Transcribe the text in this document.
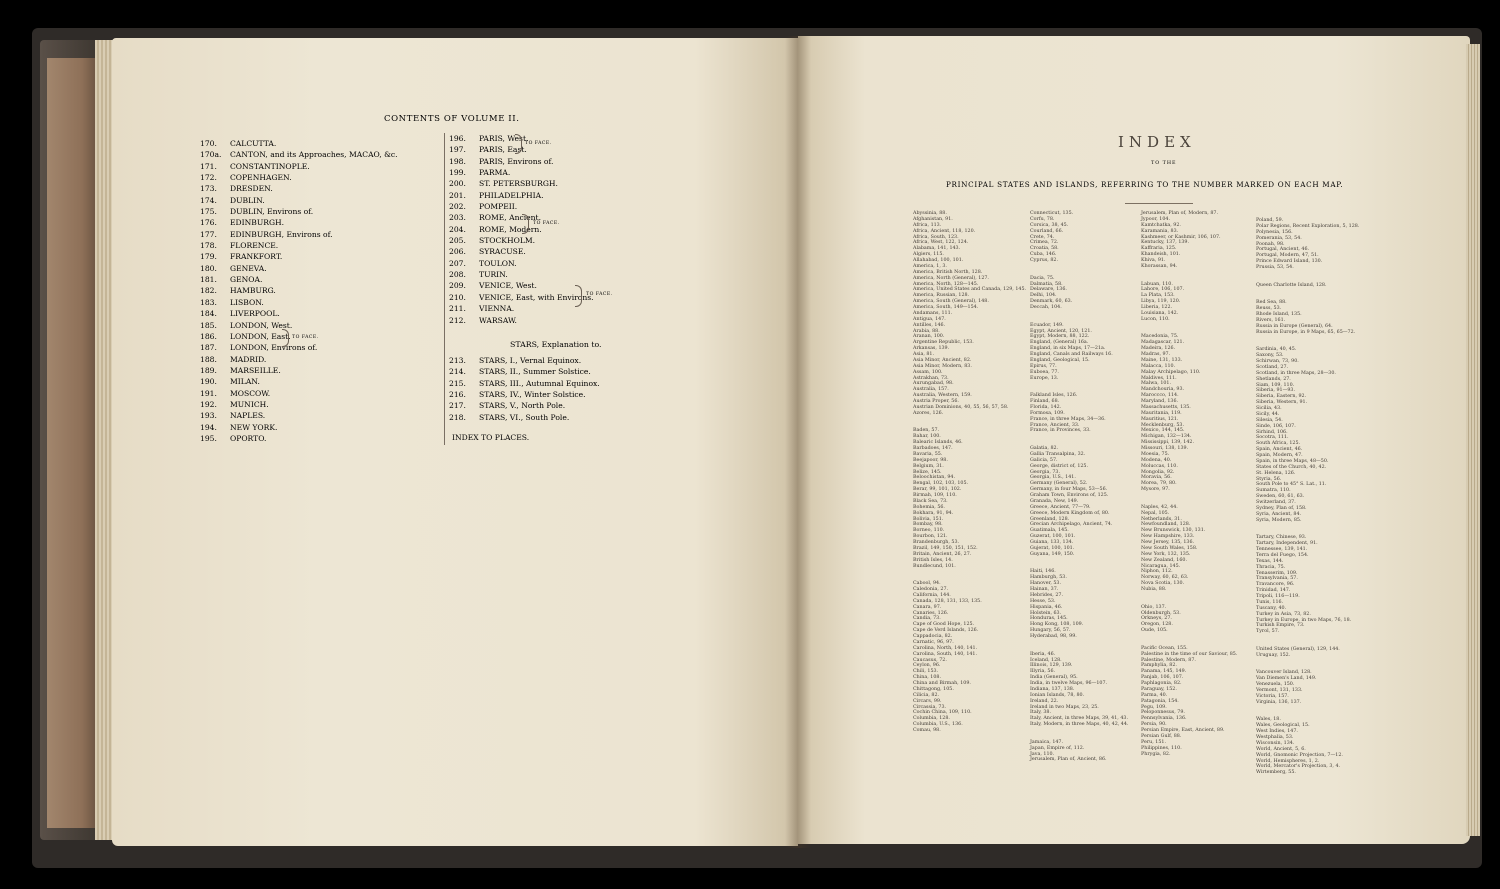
CONTENTS OF VOLUME II.
170. CALCUTTA.
170a. CANTON, and its Approaches, MACAO, &c.
171. CONSTANTINOPLE.
172. COPENHAGEN.
173. DRESDEN.
174. DUBLIN.
175. DUBLIN, Environs of.
176. EDINBURGH.
177. EDINBURGH, Environs of.
178. FLORENCE.
179. FRANKFORT.
180. GENEVA.
181. GENOA.
182. HAMBURG.
183. LISBON.
184. LIVERPOOL.
185. LONDON, West.
186. LONDON, East.
187. LONDON, Environs of.
188. MADRID.
189. MARSEILLE.
190. MILAN.
191. MOSCOW.
192. MUNICH.
193. NAPLES.
194. NEW YORK.
195. OPORTO.
196. PARIS, West.
197. PARIS, East.
198. PARIS, Environs of.
199. PARMA.
200. ST. PETERSBURGH.
201. PHILADELPHIA.
202. POMPEII.
203. ROME, Ancient.
204. ROME, Modern.
205. STOCKHOLM.
206. SYRACUSE.
207. TOULON.
208. TURIN.
209. VENICE, West.
210. VENICE, East, with Environs.
211. VIENNA.
212. WARSAW.
TO FACE.
TO FACE.
TO FACE.
TO FACE.
STARS, Explanation to.
213. STARS, I., Vernal Equinox.
214. STARS, II., Summer Solstice.
215. STARS, III., Autumnal Equinox.
216. STARS, IV., Winter Solstice.
217. STARS, V., North Pole.
218. STARS, VI., South Pole.
INDEX TO PLACES.
INDEX
TO THE
PRINCIPAL STATES AND ISLANDS, REFERRING TO THE NUMBER MARKED ON EACH MAP.
Abyssinia, 88.
Afghanistan, 91.
Africa, 113.
Africa, Ancient, 118, 120.
Africa, South, 123.
Africa, West, 122, 124.
Alabama, 141, 143.
Algiers, 115.
Allahabad, 100, 101.
America, 1, 3.
America, British North, 128.
America, North (General), 127.
America, North, 128—145.
America, United States and Canada, 129, 145.
America, Russian, 128.
America, South (General), 148.
America, South, 149—154.
Andamans, 111.
Antigua, 147.
Antilles, 146.
Arabia, 88.
Aranan, 100.
Argentine Republic, 153.
Arkansas, 139.
Asia, 81.
Asia Minor, Ancient, 82.
Asia Minor, Modern, 83.
Assam, 100.
Astrakhan, 73.
Aurungabad, 98.
Australia, 157.
Australia, Western, 159.
Austria Proper, 56.
Austrian Dominions, 40, 55, 56, 57, 58.
Azores, 126.
Baden, 57.
Bahar, 100.
Balearic Islands, 46.
Barbadoes, 147.
Bavaria, 55.
Beejapoor, 98.
Belgium, 31.
Belize, 145.
Beloochistan, 94.
Bengal, 102, 103, 105.
Berar, 99, 101, 102.
Birmah, 109, 110.
Black Sea, 73.
Bohemia, 56.
Bokhara, 91, 94.
Bolivia, 151.
Bombay, 98.
Borneo, 110.
Bourbon, 121.
Brandenburgh, 53.
Brazil, 149, 150, 151, 152.
Britain, Ancient, 26, 27.
British Isles, 14.
Bundlecund, 101.
Cabool, 94.
Caledonia, 27.
California, 144.
Canada, 128, 131, 133, 135.
Canara, 97.
Canaries, 126.
Candia, 73.
Cape of Good Hope, 125.
Cape de Verd Islands, 126.
Cappadocia, 82.
Carnatic, 96, 97.
Carolina, North, 140, 141.
Carolina, South, 140, 141.
Caucasus, 72.
Ceylon, 96.
Chili, 153.
China, 108.
China and Birmah, 109.
Chittagong, 105.
Cilicia, 82.
Circars, 99.
Circassia, 73.
Cochin China, 109, 110.
Columbia, 128.
Columbia, U.S., 136.
Comau, 98.
Connecticut, 135.
Corfu, 78.
Corsica, 38, 45.
Courland, 66.
Crete, 74.
Crimea, 72.
Croatia, 58.
Cuba, 146.
Cyprus, 82.
Dacia, 75.
Dalmatia, 58.
Delaware, 136.
Delhi, 104.
Denmark, 60, 63.
Deccah, 104.
Ecuador, 149.
Egypt, Ancient, 120, 121.
Egypt, Modern, 88, 122.
England, (General) 16a.
England, in six Maps, 17—21a.
England, Canals and Railways 16.
England, Geological, 15.
Epirus, 77.
Euboea, 77.
Europe, 13.
Falkland Isles, 126.
Finland, 68.
Florida, 142.
Formosa, 109.
France, in three Maps, 34—36.
France, Ancient, 33.
France, in Provinces, 33.
Galatia, 82.
Gallia Transalpina, 32.
Galicia, 57.
George, district of, 125.
Georgia, 73.
Georgia, U.S., 141.
Germany (General), 52.
Germany, in four Maps, 53—56.
Graham Town, Environs of, 125.
Granada, New, 149.
Greece, Ancient, 77—79.
Greece, Modern Kingdom of, 80.
Greenland, 128.
Grecian Archipelago, Ancient, 74.
Guatimala, 145.
Guzerat, 100, 101.
Guiana, 133, 134.
Gujerat, 100, 101.
Guyana, 149, 150.
Haiti, 146.
Hamburgh, 53.
Hanover, 53.
Hainan, 37.
Hebrides, 27.
Hesse, 53.
Hispania, 46.
Holstein, 63.
Honduras, 145.
Hong Kong, 108, 109.
Hungary, 56, 57.
Hyderabad, 98, 99.
Iberia, 46.
Iceland, 128.
Illinois, 129, 139.
Illyria, 56.
India (General), 95.
India, in twelve Maps, 96—107.
Indiana, 137, 138.
Ionian Islands, 78, 80.
Ireland, 22.
Ireland in two Maps, 23, 25.
Italy, 38.
Italy, Ancient, in three Maps, 39, 41, 43.
Italy, Modern, in three Maps, 40, 42, 44.
Jamaica, 147.
Japan, Empire of, 112.
Java, 110.
Jerusalem, Plan of, Ancient, 86.
Jerusalem, Plan of, Modern, 87.
Jypoor, 104.
Kamtchatka, 92.
Karamania, 83.
Kashmeer, or Kashmir, 106, 107.
Kentucky, 137, 139.
Kaffraria, 125.
Khandeish, 101.
Khiva, 91.
Khorassan, 94.
Labuan, 110.
Lahore, 106, 107.
La Plata, 153.
Libya, 119, 120.
Liberia, 122.
Louisiana, 142.
Lucon, 110.
Macedonia, 75.
Madagascar, 121.
Madeira, 126.
Madras, 97.
Maine, 131, 133.
Malacca, 110.
Malay Archipelago, 110.
Maldives, 111.
Malwa, 101.
Mandchouria, 93.
Maroccco, 114.
Maryland, 136.
Massachusetts, 135.
Mauritania, 119.
Mauritius, 121.
Mecklenburg, 53.
Mexico, 144, 145.
Michigan, 132—134.
Mississippi, 139, 142.
Missouri, 138, 139.
Moesia, 75.
Modena, 40.
Moluccas, 110.
Mongolia, 92.
Moravia, 56.
Morea, 79, 80.
Mysore, 97.
Naples, 42, 44.
Nepal, 105.
Netherlands, 31.
Newfoundland, 128.
New Brunswick, 130, 131.
New Hampshire, 133.
New Jersey, 135, 136.
New South Wales, 158.
New York, 132, 135.
New Zealand, 160.
Nicaragua, 145.
Niphon, 112.
Norway, 60, 62, 63.
Nova Scotia, 130.
Nubia, 88.
Ohio, 137.
Oldenburgh, 53.
Orkneys, 27.
Oregon, 128.
Oude, 105.
Pacific Ocean, 155.
Palestine in the time of our Saviour, 85.
Palestine, Modern, 87.
Pamphylia, 82.
Panama, 145, 149.
Panjab, 106, 107.
Paphlagonia, 82.
Paraguay, 152.
Parma, 40.
Patagonia, 154.
Pegu, 109.
Peloponnesus, 79.
Pennsylvania, 136.
Persia, 90.
Persian Empire, East, Ancient, 89.
Persian Gulf, 88.
Peru, 151.
Philippines, 110.
Phrygia, 82.
Poland, 59.
Polar Regions, Recent Exploration, 5, 128.
Polynesia, 156.
Pomerania, 53, 54.
Poonah, 98.
Portugal, Ancient, 46.
Portugal, Modern, 47, 51.
Prince Edward Island, 130.
Prussia, 53, 54.
Queen Charlotte Island, 128.
Red Sea, 88.
Reuss, 53.
Rhode Island, 135.
Rivers, 161.
Russia in Europe (General), 64.
Russia in Europe, in 9 Maps, 65, 65—72.
Sardinia, 40, 45.
Saxony, 53.
Schirwan, 73, 90.
Scotland, 27.
Scotland, in three Maps, 28—30.
Shetlands, 27.
Siam, 109, 110.
Siberia, 91—93.
Siberia, Eastern, 92.
Siberia, Western, 91.
Sicilia, 43.
Sicily, 44.
Silesia, 54.
Sinde, 106, 107.
Sirhind, 106.
Socotra, 111.
South Africa, 125.
Spain, Ancient, 46.
Spain, Modern, 47.
Spain, in three Maps, 48—50.
States of the Church, 40, 42.
St. Helena, 126.
Styria, 56.
South Pole to 45° S. Lat., 11.
Sumatra, 110.
Sweden, 60, 61, 63.
Switzerland, 37.
Sydney, Plan of, 158.
Syria, Ancient, 84.
Syria, Modern, 85.
Tartary, Chinese, 93.
Tartary, Independent, 91.
Tennessee, 139, 141.
Terra del Fuego, 154.
Texas, 144.
Thracia, 75.
Tenasserim, 109.
Transylvania, 57.
Travancore, 96.
Trinidad, 147.
Tripoli, 116—119.
Tunis, 116.
Tuscany, 40.
Turkey in Asia, 73, 82.
Turkey in Europe, in two Maps, 76, 18.
Turkish Empire, 73.
Tyrol, 57.
United States (General), 129, 144.
Uruguay, 152.
Vancouver Island, 128.
Van Diemen's Land, 149.
Venezuela, 150.
Vermont, 131, 133.
Victoria, 157.
Virginia, 136, 137.
Wales, 18.
Wales, Geological, 15.
West Indies, 147.
Westphalia, 53.
Wisconsin, 134.
World, Ancient, 5, 6.
World, Gnomonic Projection, 7—12.
World, Hemispheres, 1, 2.
World, Mercator's Projection, 3, 4.
Wirtemberg, 55.
